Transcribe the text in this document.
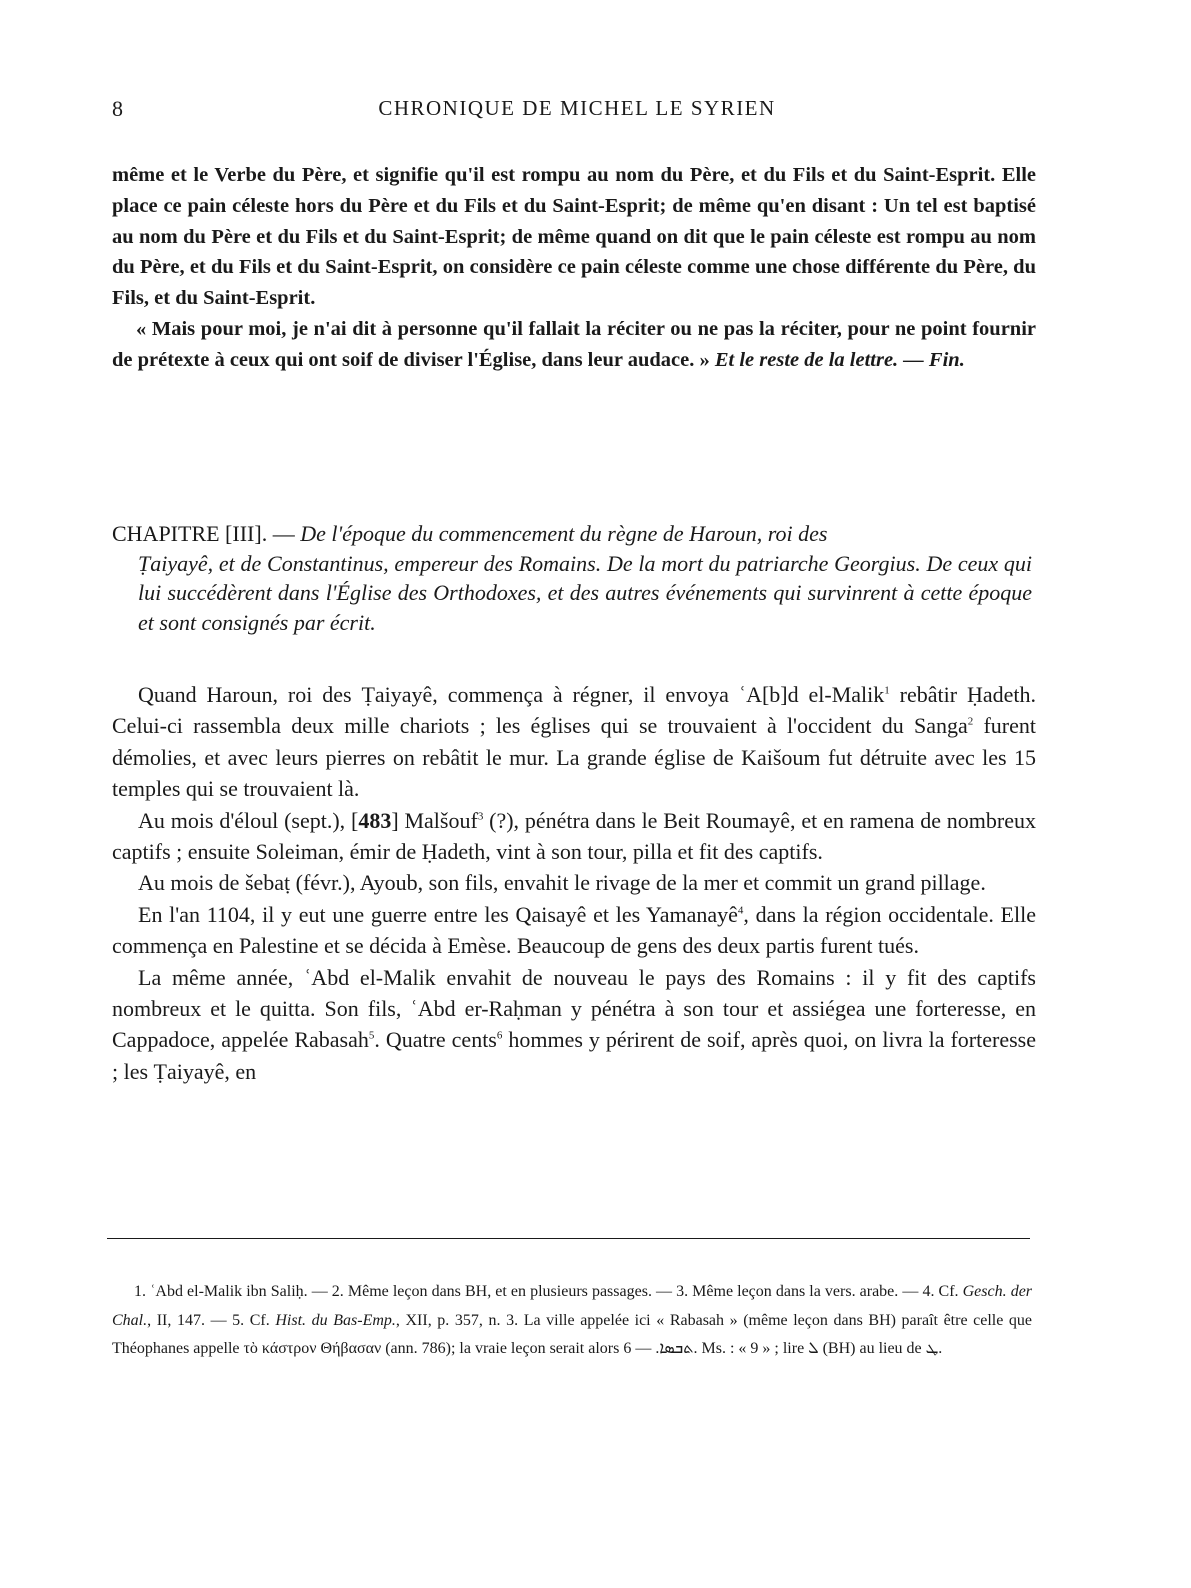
8	CHRONIQUE DE MICHEL LE SYRIEN

même et le Verbe du Père, et signifie qu'il est rompu au nom du Père, et du Fils et du Saint-Esprit. Elle place ce pain céleste hors du Père et du Fils et du Saint-Esprit; de même qu'en disant : Un tel est baptisé au nom du Père et du Fils et du Saint-Esprit; de même quand on dit que le pain céleste est rompu au nom du Père, et du Fils et du Saint-Esprit, on considère ce pain céleste comme une chose différente du Père, du Fils, et du Saint-Esprit.

« Mais pour moi, je n'ai dit à personne qu'il fallait la réciter ou ne pas la réciter, pour ne point fournir de prétexte à ceux qui ont soif de diviser l'Église, dans leur audace. » Et le reste de la lettre. — Fin.

CHAPITRE [III]. — De l'époque du commencement du règne de Haroun, roi des
Ṭaiyayê, et de Constantinus, empereur des Romains. De la mort du patriarche Georgius. De ceux qui lui succédèrent dans l'Église des Orthodoxes, et des autres événements qui survinrent à cette époque et sont consignés par écrit.

Quand Haroun, roi des Ṭaiyayê, commença à régner, il envoya ʿA[b]d el-Malik$^1$ rebâtir Ḥadeth. Celui-ci rassembla deux mille chariots ; les églises qui se trouvaient à l'occident du Sanga$^2$ furent démolies, et avec leurs pierres on rebâtit le mur. La grande église de Kaišoum fut détruite avec les 15 temples qui se trouvaient là.

Au mois d'éloul (sept.), [483] Malšouf$^3$ (?), pénétra dans le Beit Roumayê, et en ramena de nombreux captifs ; ensuite Soleiman, émir de Ḥadeth, vint à son tour, pilla et fit des captifs.

Au mois de šebaṭ (févr.), Ayoub, son fils, envahit le rivage de la mer et commit un grand pillage.

En l'an 1104, il y eut une guerre entre les Qaisayê et les Yamanayê$^4$, dans la région occidentale. Elle commença en Palestine et se décida à Emèse. Beaucoup de gens des deux partis furent tués.

La même année, ʿAbd el-Malik envahit de nouveau le pays des Romains : il y fit des captifs nombreux et le quitta. Son fils, ʿAbd er-Raḥman y pénétra à son tour et assiégea une forteresse, en Cappadoce, appelée Rabasah$^5$. Quatre cents$^6$ hommes y périrent de soif, après quoi, on livra la forteresse ; les Ṭaiyayê, en

1. ʿAbd el-Malik ibn Saliḥ. — 2. Même leçon dans BH, et en plusieurs passages. — 3. Même leçon dans la vers. arabe. — 4. Cf. Gesch. der Chal., II, 147. — 5. Cf. Hist. du Bas-Emp., XII, p. 357, n. 3. La ville appelée ici « Rabasah » (même leçon dans BH) paraît être celle que Théophanes appelle τὸ κάστρον Θήβασαν (ann. 786); la vraie leçon serait alors ܬܒܣܐ. — 6. Ms. : « 9 » ; lire ܠ (BH) au lieu de ܛ.
